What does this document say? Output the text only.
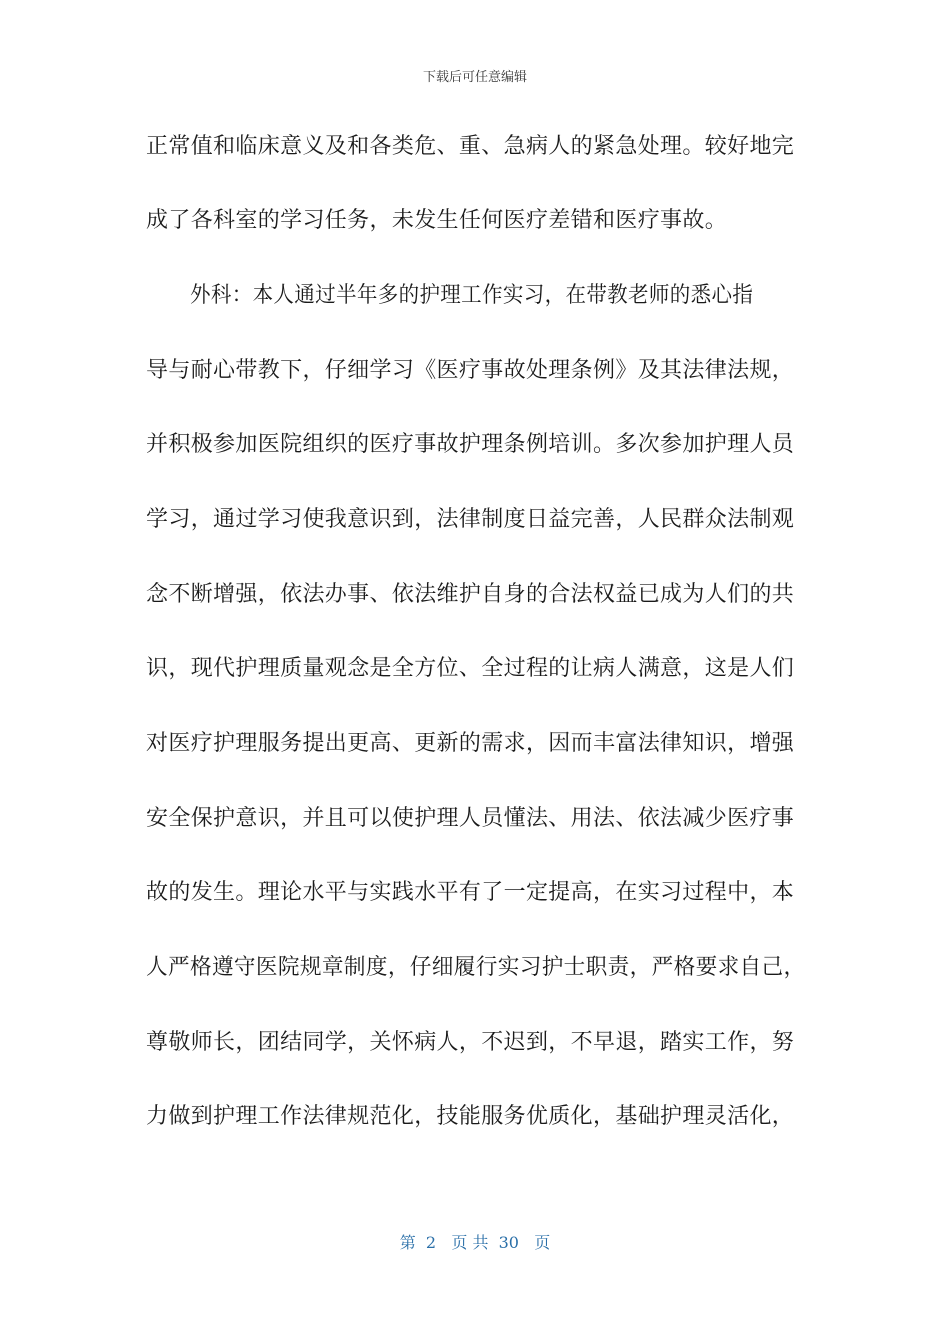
下载后可任意编辑
正常值和临床意义及和各类危、重、急病人的紧急处理。较好地完
成了各科室的学习任务，未发生任何医疗差错和医疗事故。
外科：本人通过半年多的护理工作实习，在带教老师的悉心指
导与耐心带教下，仔细学习《医疗事故处理条例》及其法律法规，
并积极参加医院组织的医疗事故护理条例培训。多次参加护理人员
学习，通过学习使我意识到，法律制度日益完善，人民群众法制观
念不断增强，依法办事、依法维护自身的合法权益已成为人们的共
识，现代护理质量观念是全方位、全过程的让病人满意，这是人们
对医疗护理服务提出更高、更新的需求，因而丰富法律知识，增强
安全保护意识，并且可以使护理人员懂法、用法、依法减少医疗事
故的发生。理论水平与实践水平有了一定提高，在实习过程中，本
人严格遵守医院规章制度，仔细履行实习护士职责，严格要求自己，
尊敬师长，团结同学，关怀病人，不迟到，不早退，踏实工作，努
力做到护理工作法律规范化，技能服务优质化，基础护理灵活化，
第  2   页 共  30   页
